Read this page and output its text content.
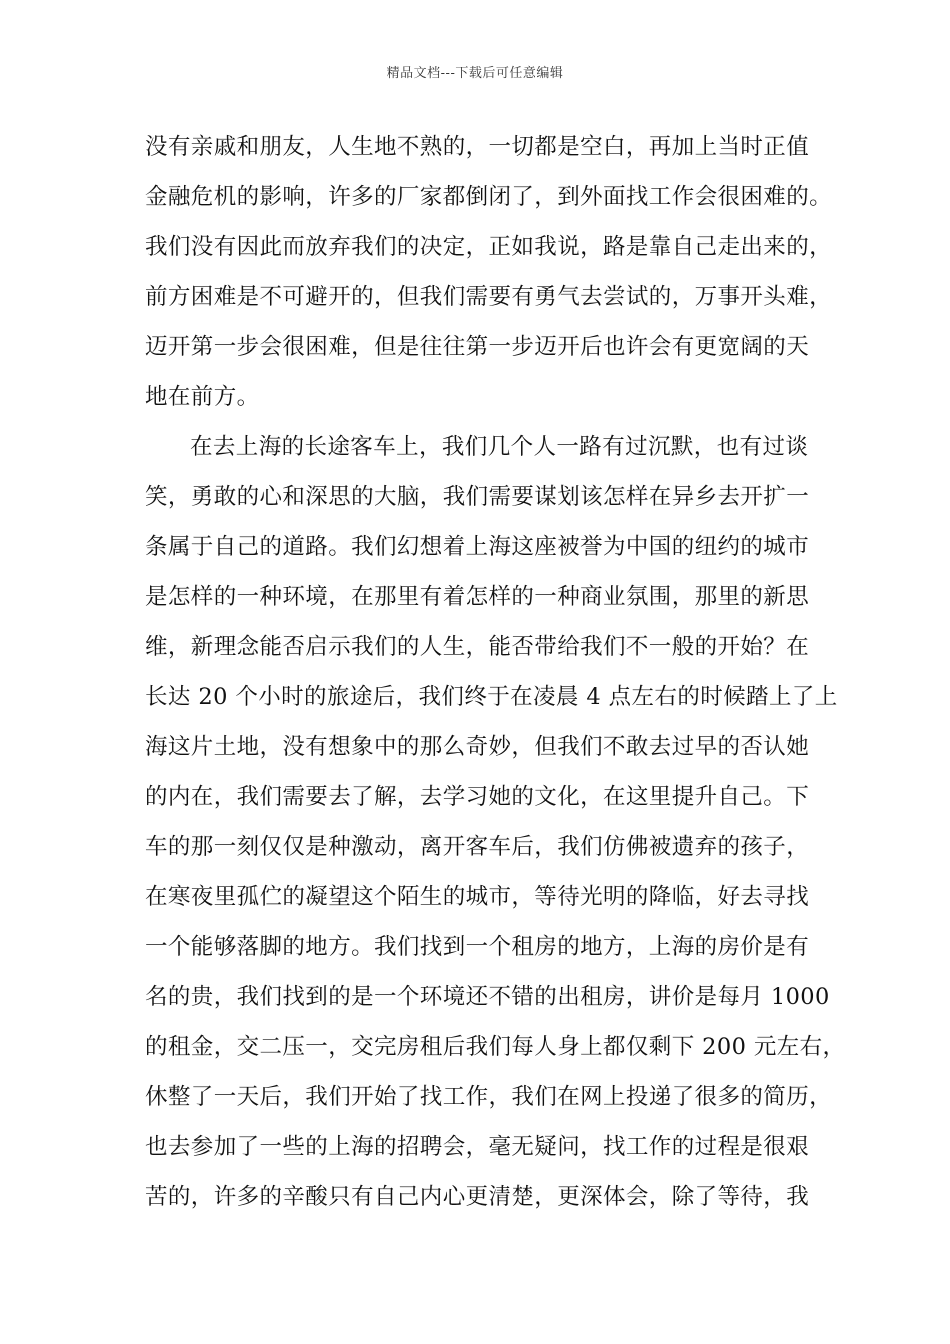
精品文档---下载后可任意编辑
没有亲戚和朋友，人生地不熟的，一切都是空白，再加上当时正值
金融危机的影响，许多的厂家都倒闭了，到外面找工作会很困难的。
我们没有因此而放弃我们的决定，正如我说，路是靠自己走出来的，
前方困难是不可避开的，但我们需要有勇气去尝试的，万事开头难，
迈开第一步会很困难，但是往往第一步迈开后也许会有更宽阔的天
地在前方。
在去上海的长途客车上，我们几个人一路有过沉默，也有过谈
笑，勇敢的心和深思的大脑，我们需要谋划该怎样在异乡去开扩一
条属于自己的道路。我们幻想着上海这座被誉为中国的纽约的城市
是怎样的一种环境，在那里有着怎样的一种商业氛围，那里的新思
维，新理念能否启示我们的人生，能否带给我们不一般的开始？在
长达 20 个小时的旅途后，我们终于在凌晨 4 点左右的时候踏上了上
海这片土地，没有想象中的那么奇妙，但我们不敢去过早的否认她
的内在，我们需要去了解，去学习她的文化，在这里提升自己。下
车的那一刻仅仅是种激动，离开客车后，我们仿佛被遗弃的孩子，
在寒夜里孤伫的凝望这个陌生的城市，等待光明的降临，好去寻找
一个能够落脚的地方。我们找到一个租房的地方，上海的房价是有
名的贵，我们找到的是一个环境还不错的出租房，讲价是每月 1000
的租金，交二压一，交完房租后我们每人身上都仅剩下 200 元左右，
休整了一天后，我们开始了找工作，我们在网上投递了很多的简历，
也去参加了一些的上海的招聘会，毫无疑问，找工作的过程是很艰
苦的，许多的辛酸只有自己内心更清楚，更深体会，除了等待，我
